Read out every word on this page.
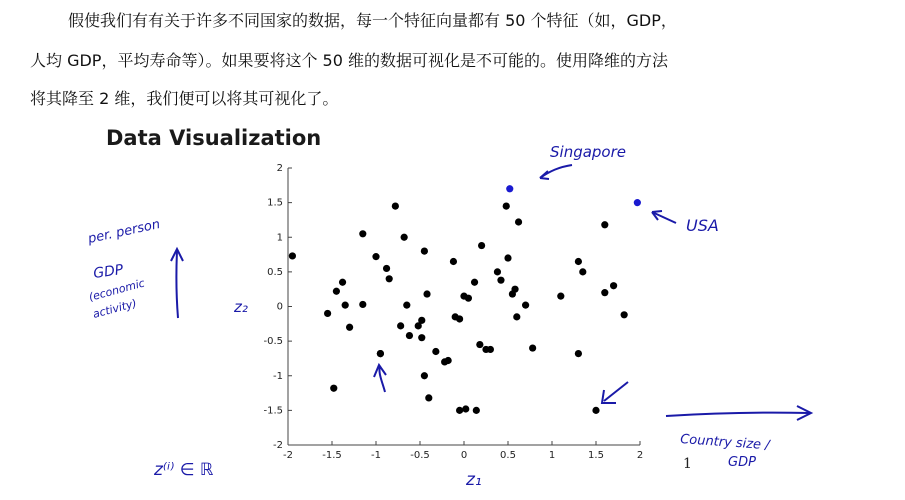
假使我们有有关于许多不同国家的数据，每一个特征向量都有 50 个特征（如，GDP，
人均 GDP，平均寿命等）。如果要将这个 50 维的数据可视化是不可能的。使用降维的方法
将其降至 2 维，我们便可以将其可视化了。
Data Visualization
-2	-1.5	-1	-0.5	0	0.5	1	1.5	2
2
1.5
1
0.5
0
-0.5
-1
-1.5
-2
Singapore
USA
per. person
GDP
(economic
activity)	z₂
Country size /
GDP
z₁
z⁽ⁱ⁾ ∈ ℝ	1
